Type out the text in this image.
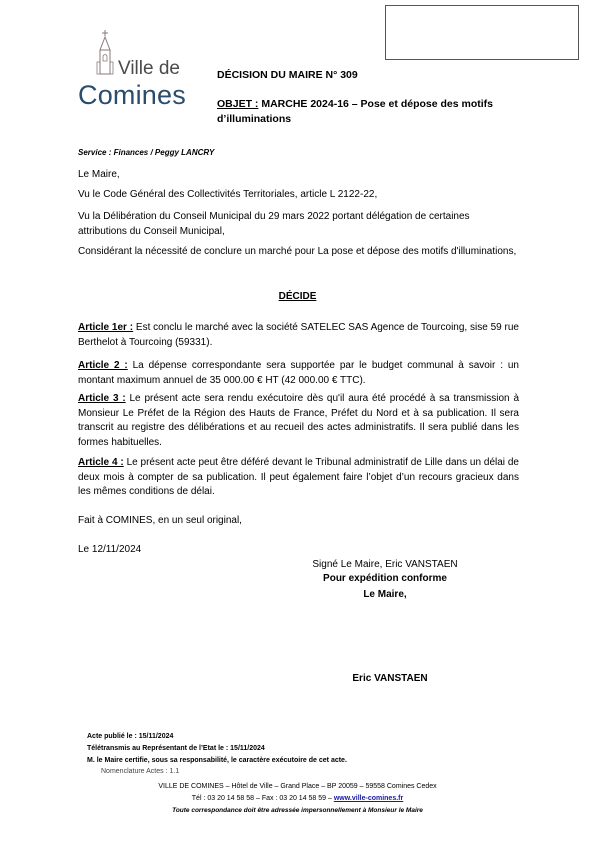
Ville de
Comines
DÉCISION DU MAIRE N° 309
OBJET : MARCHE 2024-16 – Pose et dépose des motifs d’illuminations
Service : Finances / Peggy LANCRY
Le Maire,
Vu le Code Général des Collectivités Territoriales, article L 2122-22,
Vu la Délibération du Conseil Municipal du 29 mars 2022 portant délégation de certaines attributions du Conseil Municipal,
Considérant la nécessité de conclure un marché pour La pose et dépose des motifs d'illuminations,
DÉCIDE
Article 1er : Est conclu le marché avec la société SATELEC SAS Agence de Tourcoing, sise 59 rue Berthelot à Tourcoing (59331).
Article 2 : La dépense correspondante sera supportée par le budget communal à savoir : un montant maximum annuel de 35 000.00 € HT (42 000.00 € TTC).
Article 3 : Le présent acte sera rendu exécutoire dès qu'il aura été procédé à sa transmission à Monsieur Le Préfet de la Région des Hauts de France, Préfet du Nord et à sa publication. Il sera transcrit au registre des délibérations et au recueil des actes administratifs. Il sera publié dans les formes habituelles.
Article 4 : Le présent acte peut être déféré devant le Tribunal administratif de Lille dans un délai de deux mois à compter de sa publication. Il peut également faire l’objet d’un recours gracieux dans les mêmes conditions de délai.
Fait à COMINES, en un seul original,
Le 12/11/2024
Signé Le Maire, Eric VANSTAEN
Pour expédition conforme
Le Maire,
Eric VANSTAEN
Acte publié le : 15/11/2024
Télétransmis au Représentant de l’Etat le : 15/11/2024
M. le Maire certifie, sous sa responsabilité, le caractère exécutoire de cet acte.
Nomenclature Actes : 1.1
VILLE DE COMINES – Hôtel de Ville – Grand Place – BP 20059 – 59558 Comines Cedex
Tél : 03 20 14 58 58 – Fax : 03 20 14 58 59 – www.ville-comines.fr
Toute correspondance doit être adressée impersonnellement à Monsieur le Maire
